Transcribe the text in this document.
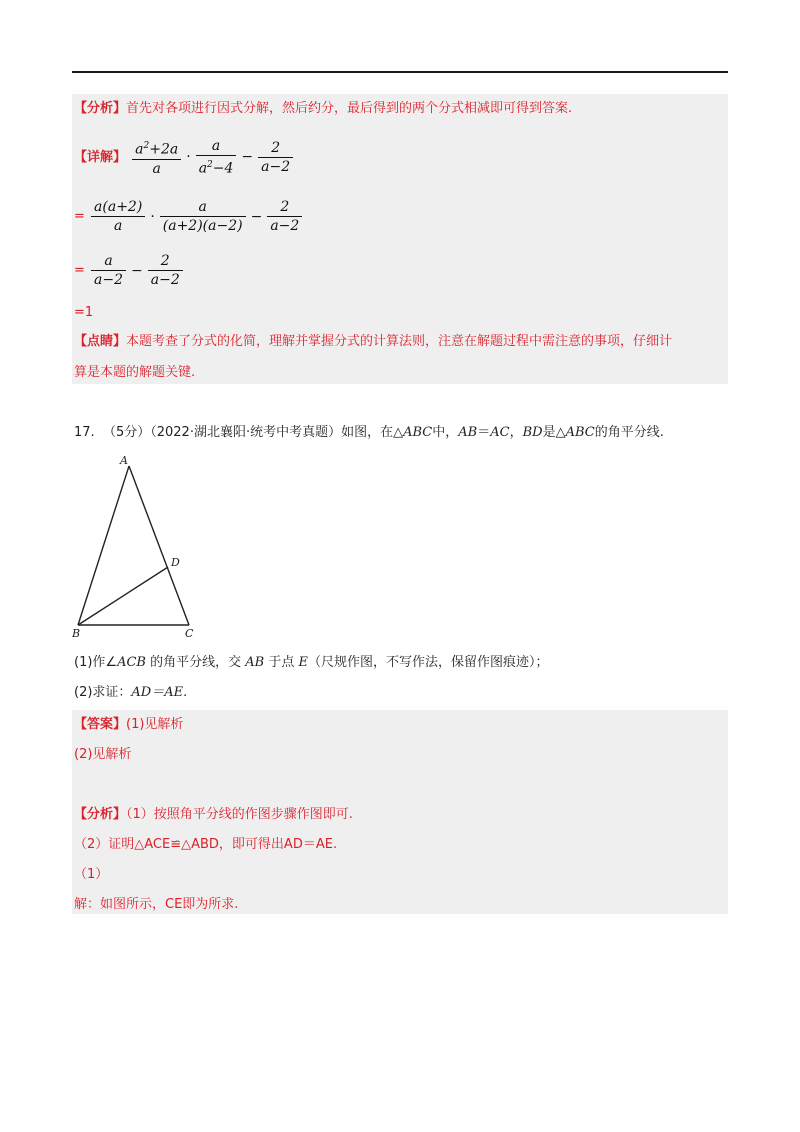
【分析】首先对各项进行因式分解，然后约分，最后得到的两个分式相减即可得到答案.
【详解】 $\frac{a^2+2a}{a} \cdot \frac{a}{a^2-4} - \frac{2}{a-2}$
= $\frac{a(a+2)}{a} \cdot \frac{a}{(a+2)(a-2)} - \frac{2}{a-2}$
= $\frac{a}{a-2} - \frac{2}{a-2}$
=1
【点睛】本题考查了分式的化简，理解并掌握分式的计算法则，注意在解题过程中需注意的事项，仔细计
算是本题的解题关键.
17. （5分）（2022·湖北襄阳·统考中考真题）如图，在△ABC中，AB＝AC，BD是△ABC的角平分线.
A
D
B	C
(1)作∠ACB 的角平分线，交 AB 于点 E（尺规作图，不写作法，保留作图痕迹）；
(2)求证：AD＝AE.
【答案】(1)见解析
(2)见解析
【分析】（1）按照角平分线的作图步骤作图即可.
（2）证明△ACE≌△ABD，即可得出AD＝AE.
（1）
解：如图所示，CE即为所求.
